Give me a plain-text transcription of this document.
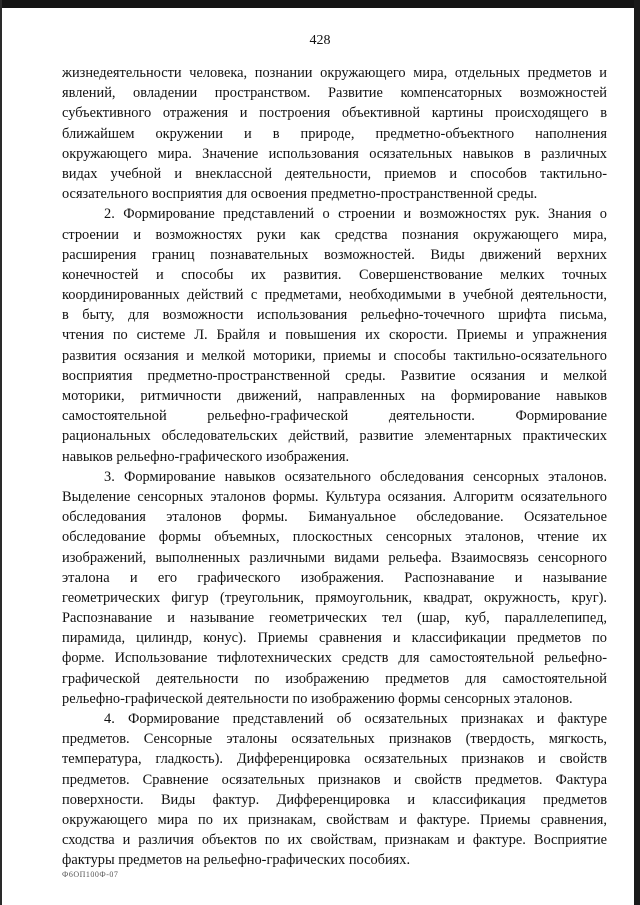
428
жизнедеятельности человека, познании окружающего мира, отдельных предметов и
явлений, овладении пространством. Развитие компенсаторных возможностей
субъективного отражения и построения объективной картины происходящего в
ближайшем окружении и в природе, предметно-объектного наполнения
окружающего мира. Значение использования осязательных навыков в различных
видах учебной и внеклассной деятельности, приемов и способов тактильно-
осязательного восприятия для освоения предметно-пространственной среды.
2. Формирование представлений о строении и возможностях рук. Знания о
строении и возможностях руки как средства познания окружающего мира,
расширения границ познавательных возможностей. Виды движений верхних
конечностей и способы их развития. Совершенствование мелких точных
координированных действий с предметами, необходимыми в учебной деятельности,
в быту, для возможности использования рельефно-точечного шрифта письма,
чтения по системе Л. Брайля и повышения их скорости. Приемы и упражнения
развития осязания и мелкой моторики, приемы и способы тактильно-осязательного
восприятия предметно-пространственной среды. Развитие осязания и мелкой
моторики, ритмичности движений, направленных на формирование навыков
самостоятельной рельефно-графической деятельности. Формирование
рациональных обследовательских действий, развитие элементарных практических
навыков рельефно-графического изображения.
3. Формирование навыков осязательного обследования сенсорных эталонов.
Выделение сенсорных эталонов формы. Культура осязания. Алгоритм осязательного
обследования эталонов формы. Бимануальное обследование. Осязательное
обследование формы объемных, плоскостных сенсорных эталонов, чтение их
изображений, выполненных различными видами рельефа. Взаимосвязь сенсорного
эталона и его графического изображения. Распознавание и называние
геометрических фигур (треугольник, прямоугольник, квадрат, окружность, круг).
Распознавание и называние геометрических тел (шар, куб, параллелепипед,
пирамида, цилиндр, конус). Приемы сравнения и классификации предметов по
форме. Использование тифлотехнических средств для самостоятельной рельефно-
графической деятельности по изображению предметов для самостоятельной
рельефно-графической деятельности по изображению формы сенсорных эталонов.
4. Формирование представлений об осязательных признаках и фактуре
предметов. Сенсорные эталоны осязательных признаков (твердость, мягкость,
температура, гладкость). Дифференцировка осязательных признаков и свойств
предметов. Сравнение осязательных признаков и свойств предметов. Фактура
поверхности. Виды фактур. Дифференцировка и классификация предметов
окружающего мира по их признакам, свойствам и фактуре. Приемы сравнения,
сходства и различия объектов по их свойствам, признакам и фактуре. Восприятие
фактуры предметов на рельефно-графических пособиях.
Ф6ОП100Ф-07
